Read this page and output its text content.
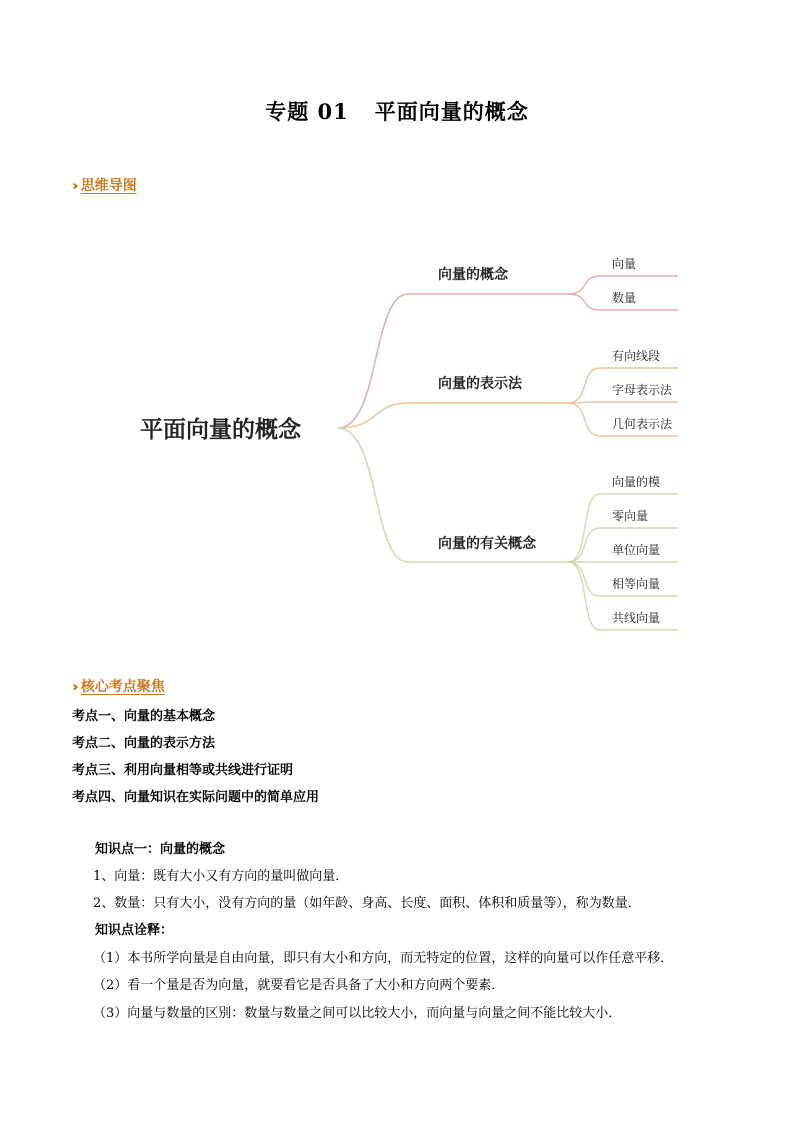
专题 01 平面向量的概念
›› 思维导图
平面向量的概念
向量的概念
向量的表示法
向量的有关概念
向量
数量
有向线段
字母表示法
几何表示法
向量的模
零向量
单位向量
相等向量
共线向量
›› 核心考点聚焦
考点一、向量的基本概念
考点二、向量的表示方法
考点三、利用向量相等或共线进行证明
考点四、向量知识在实际问题中的简单应用
知识点一：向量的概念
1、向量：既有大小又有方向的量叫做向量．
2、数量：只有大小，没有方向的量（如年龄、身高、长度、面积、体积和质量等），称为数量．
知识点诠释：
（1）本书所学向量是自由向量，即只有大小和方向，而无特定的位置，这样的向量可以作任意平移．
（2）看一个量是否为向量，就要看它是否具备了大小和方向两个要素．
（3）向量与数量的区别：数量与数量之间可以比较大小，而向量与向量之间不能比较大小．
